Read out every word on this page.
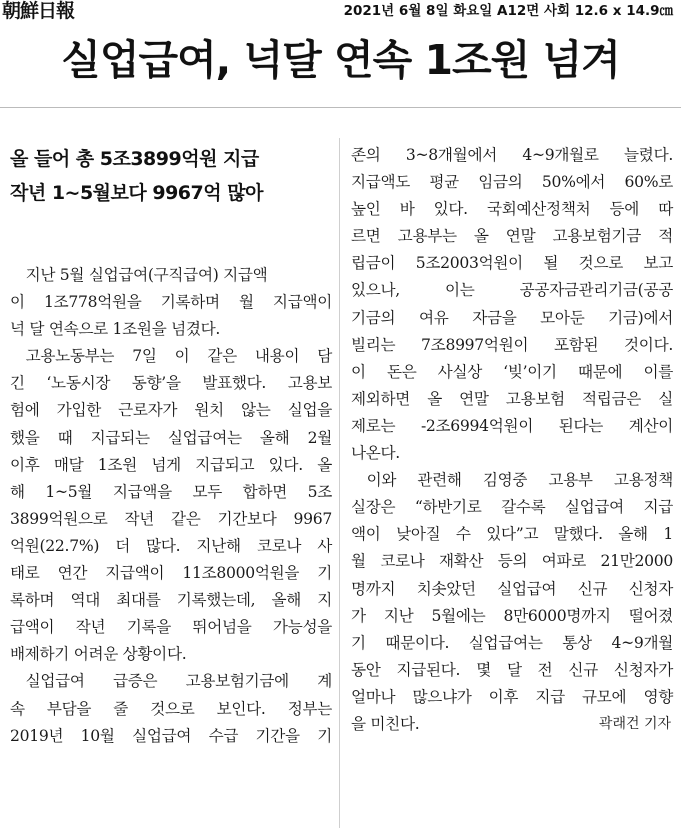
朝鮮日報	2021년 6월 8일 화요일 A12면 사회 12.6 x 14.9㎝
실업급여, 넉달 연속 1조원 넘겨
올 들어 총 5조3899억원 지급
작년 1~5월보다 9967억 많아
지난 5월 실업급여(구직급여) 지급액
이 1조778억원을 기록하며 월 지급액이
넉 달 연속으로 1조원을 넘겼다.
고용노동부는 7일 이 같은 내용이 담
긴 ‘노동시장 동향’을 발표했다. 고용보
험에 가입한 근로자가 원치 않는 실업을
했을 때 지급되는 실업급여는 올해 2월
이후 매달 1조원 넘게 지급되고 있다. 올
해 1~5월 지급액을 모두 합하면 5조
3899억원으로 작년 같은 기간보다 9967
억원(22.7%) 더 많다. 지난해 코로나 사
태로 연간 지급액이 11조8000억원을 기
록하며 역대 최대를 기록했는데, 올해 지
급액이 작년 기록을 뛰어넘을 가능성을
배제하기 어려운 상황이다.
실업급여 급증은 고용보험기금에 계
속 부담을 줄 것으로 보인다. 정부는
2019년 10월 실업급여 수급 기간을 기
존의 3~8개월에서 4~9개월로 늘렸다.
지급액도 평균 임금의 50%에서 60%로
높인 바 있다. 국회예산정책처 등에 따
르면 고용부는 올 연말 고용보험기금 적
립금이 5조2003억원이 될 것으로 보고
있으나, 이는 공공자금관리기금(공공
기금의 여유 자금을 모아둔 기금)에서
빌리는 7조8997억원이 포함된 것이다.
이 돈은 사실상 ‘빚’이기 때문에 이를
제외하면 올 연말 고용보험 적립금은 실
제로는 -2조6994억원이 된다는 계산이
나온다.
이와 관련해 김영중 고용부 고용정책
실장은 “하반기로 갈수록 실업급여 지급
액이 낮아질 수 있다”고 말했다. 올해 1
월 코로나 재확산 등의 여파로 21만2000
명까지 치솟았던 실업급여 신규 신청자
가 지난 5월에는 8만6000명까지 떨어졌
기 때문이다. 실업급여는 통상 4~9개월
동안 지급된다. 몇 달 전 신규 신청자가
얼마나 많으냐가 이후 지급 규모에 영향
을 미친다.	곽래건 기자
